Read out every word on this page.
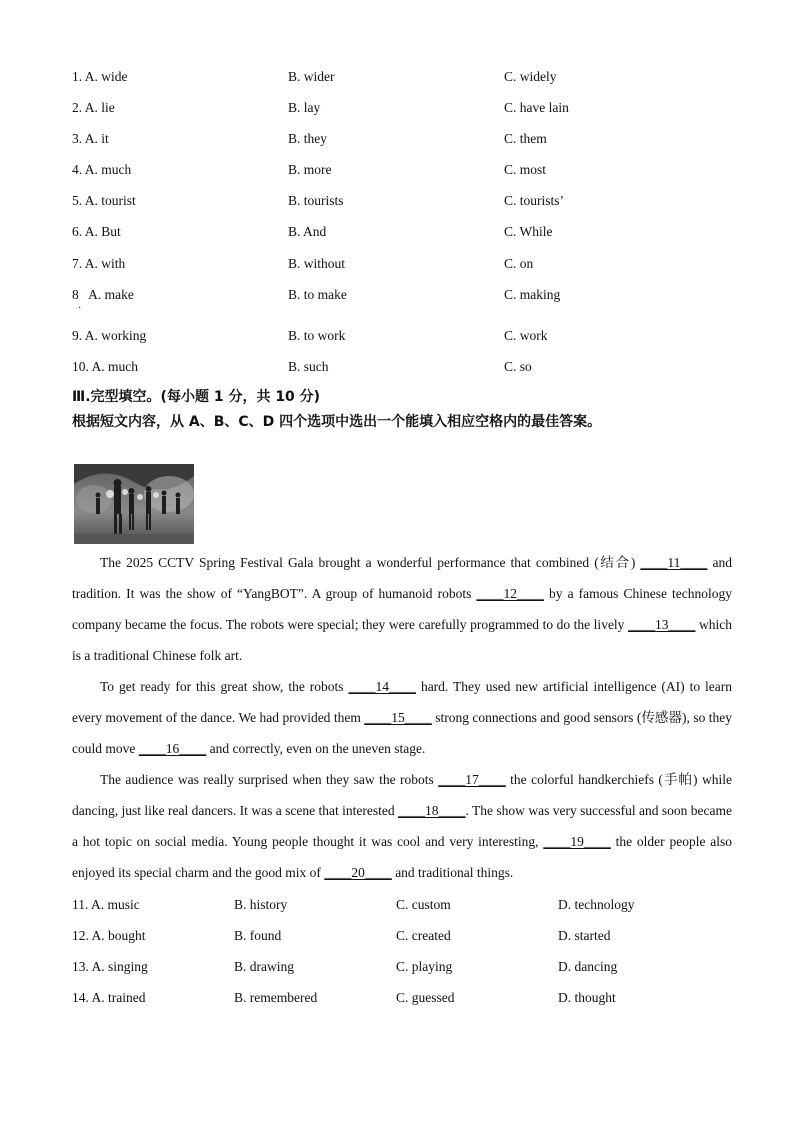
1. A. wide	B. wider	C. widely
2. A. lie	B. lay	C. have lain
3. A. it	B. they	C. them
4. A. much	B. more	C. most
5. A. tourist	B. tourists	C. tourists’
6. A. But	B. And	C. While
7. A. with	B. without	C. on
8   A. make	B. to make	C. making
·
9. A. working	B. to work	C. work
10. A. much	B. such	C. so
Ⅲ.完型填空。(每小题 1 分，共 10 分)
根据短文内容，从 A、B、C、D 四个选项中选出一个能填入相应空格内的最佳答案。

The 2025 CCTV Spring Festival Gala brought a wonderful performance that combined (结合) ____11____ and tradition. It was the show of “YangBOT”. A group of humanoid robots ____12____ by a famous Chinese technology company became the focus. The robots were special; they were carefully programmed to do the lively ____13____ which is a traditional Chinese folk art.

To get ready for this great show, the robots ____14____ hard. They used new artificial intelligence (AI) to learn every movement of the dance. We had provided them ____15____ strong connections and good sensors (传感器), so they could move ____16____ and correctly, even on the uneven stage.

The audience was really surprised when they saw the robots ____17____ the colorful handkerchiefs (手帕) while dancing, just like real dancers. It was a scene that interested ____18____. The show was very successful and soon became a hot topic on social media. Young people thought it was cool and very interesting, ____19____ the older people also enjoyed its special charm and the good mix of ____20____ and traditional things.

11. A. music	B. history	C. custom	D. technology
12. A. bought	B. found	C. created	D. started
13. A. singing	B. drawing	C. playing	D. dancing
14. A. trained	B. remembered	C. guessed	D. thought
